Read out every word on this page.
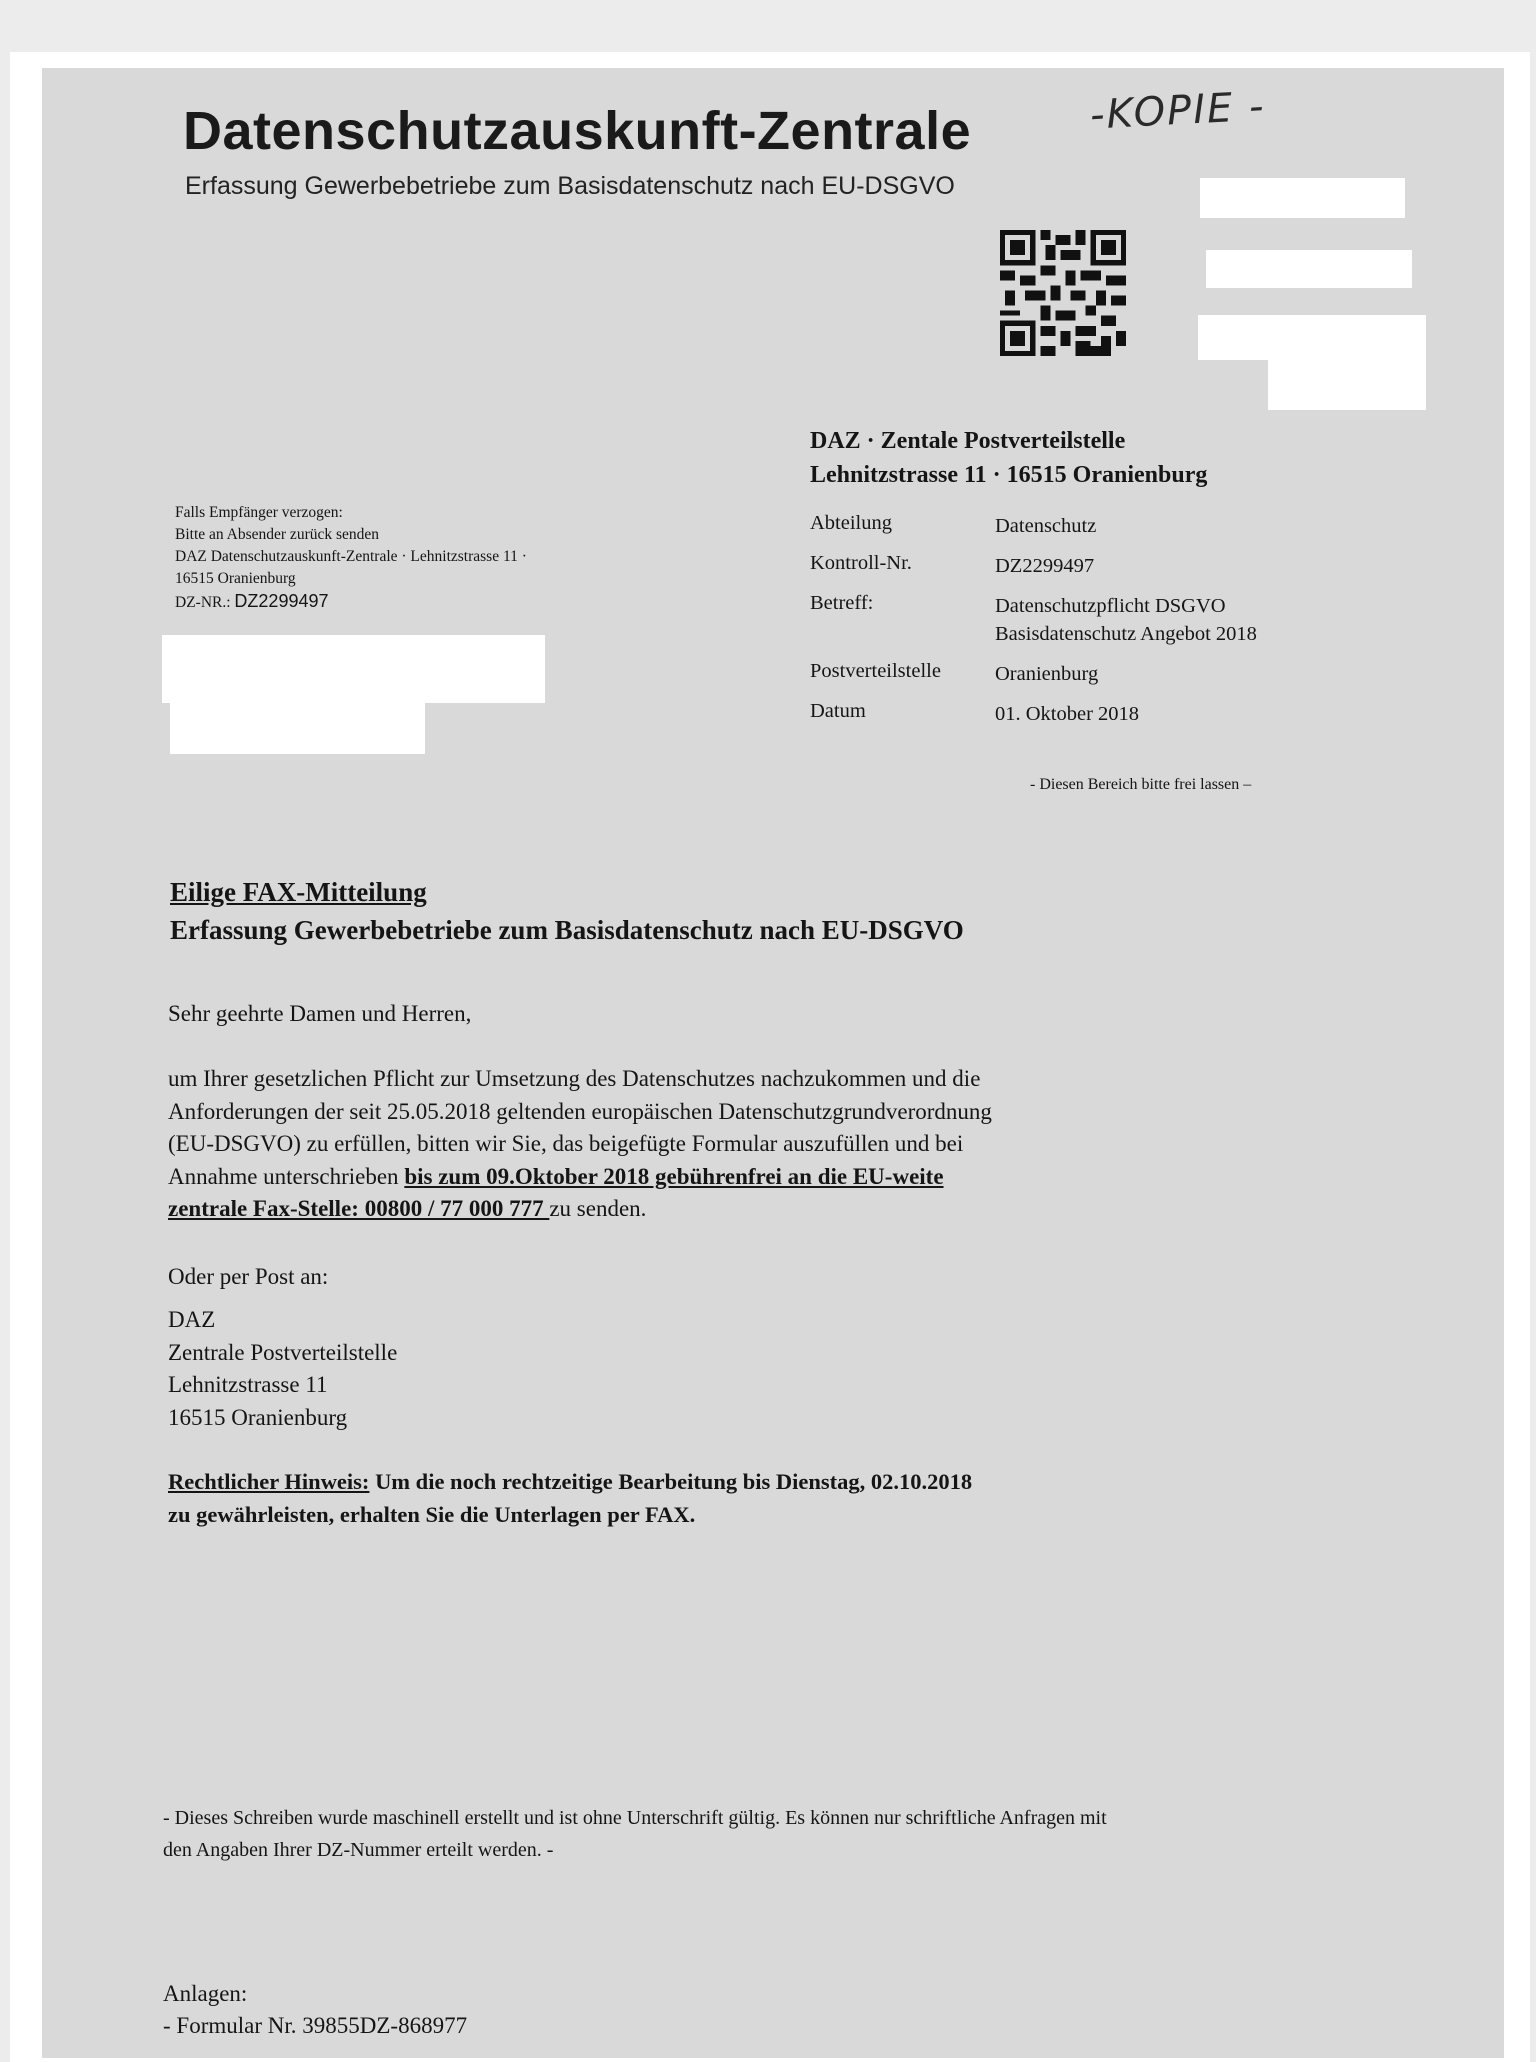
Datenschutzauskunft-Zentrale
Erfassung Gewerbebetriebe zum Basisdatenschutz nach EU-DSGVO
-KOPIE -
DAZ · Zentale Postverteilstelle
Lehnitzstrasse 11 · 16515 Oranienburg
Falls Empfänger verzogen:
Bitte an Absender zurück senden
DAZ Datenschutzauskunft-Zentrale · Lehnitzstrasse 11 ·
16515 Oranienburg
DZ-NR.: DZ2299497
Abteilung	Datenschutz
Kontroll-Nr.	DZ2299497
Betreff:	Datenschutzpflicht DSGVO
Basisdatenschutz Angebot 2018
Postverteilstelle	Oranienburg
Datum	01. Oktober 2018
- Diesen Bereich bitte frei lassen –
Eilige FAX-Mitteilung
Erfassung Gewerbebetriebe zum Basisdatenschutz nach EU-DSGVO
Sehr geehrte Damen und Herren,
um Ihrer gesetzlichen Pflicht zur Umsetzung des Datenschutzes nachzukommen und die
Anforderungen der seit 25.05.2018 geltenden europäischen Datenschutzgrundverordnung
(EU-DSGVO) zu erfüllen, bitten wir Sie, das beigefügte Formular auszufüllen und bei
Annahme unterschrieben bis zum 09.Oktober 2018 gebührenfrei an die EU-weite
zentrale Fax-Stelle: 00800 / 77 000 777 zu senden.
Oder per Post an:
DAZ
Zentrale Postverteilstelle
Lehnitzstrasse 11
16515 Oranienburg
Rechtlicher Hinweis: Um die noch rechtzeitige Bearbeitung bis Dienstag, 02.10.2018
zu gewährleisten, erhalten Sie die Unterlagen per FAX.
- Dieses Schreiben wurde maschinell erstellt und ist ohne Unterschrift gültig. Es können nur schriftliche Anfragen mit
den Angaben Ihrer DZ-Nummer erteilt werden. -
Anlagen:
- Formular Nr. 39855DZ-868977
